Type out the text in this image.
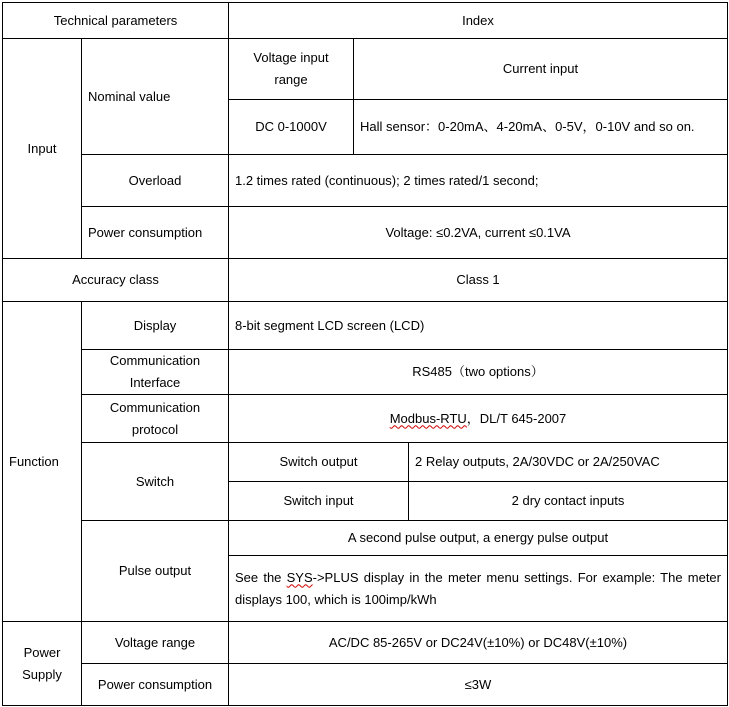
Technical parameters		Index		
Input	Nominal value	Voltage input range	Current input	
		DC 0-1000V	Hall sensor：0-20mA、4-20mA、0-5V，0-10V and so on.	
	Overload	1.2 times rated (continuous); 2 times rated/1 second;		
	Power consumption	Voltage: ≤0.2VA, current ≤0.1VA		
Accuracy class		Class 1		
Function	Display	8-bit segment LCD screen (LCD)		
	Communication Interface	RS485（two options）		
	Communication protocol	Modbus-RTU，DL/T 645-2007		
	Switch	Switch output		2 Relay outputs, 2A/30VDC or 2A/250VAC
		Switch input		2 dry contact inputs
	Pulse output	A second pulse output, a energy pulse output		
		See the SYS->PLUS display in the meter menu settings. For example: The meter displays 100, which is 100imp/kWh		
Power Supply	Voltage range	AC/DC 85-265V or DC24V(±10%) or DC48V(±10%)		
	Power consumption	≤3W		
